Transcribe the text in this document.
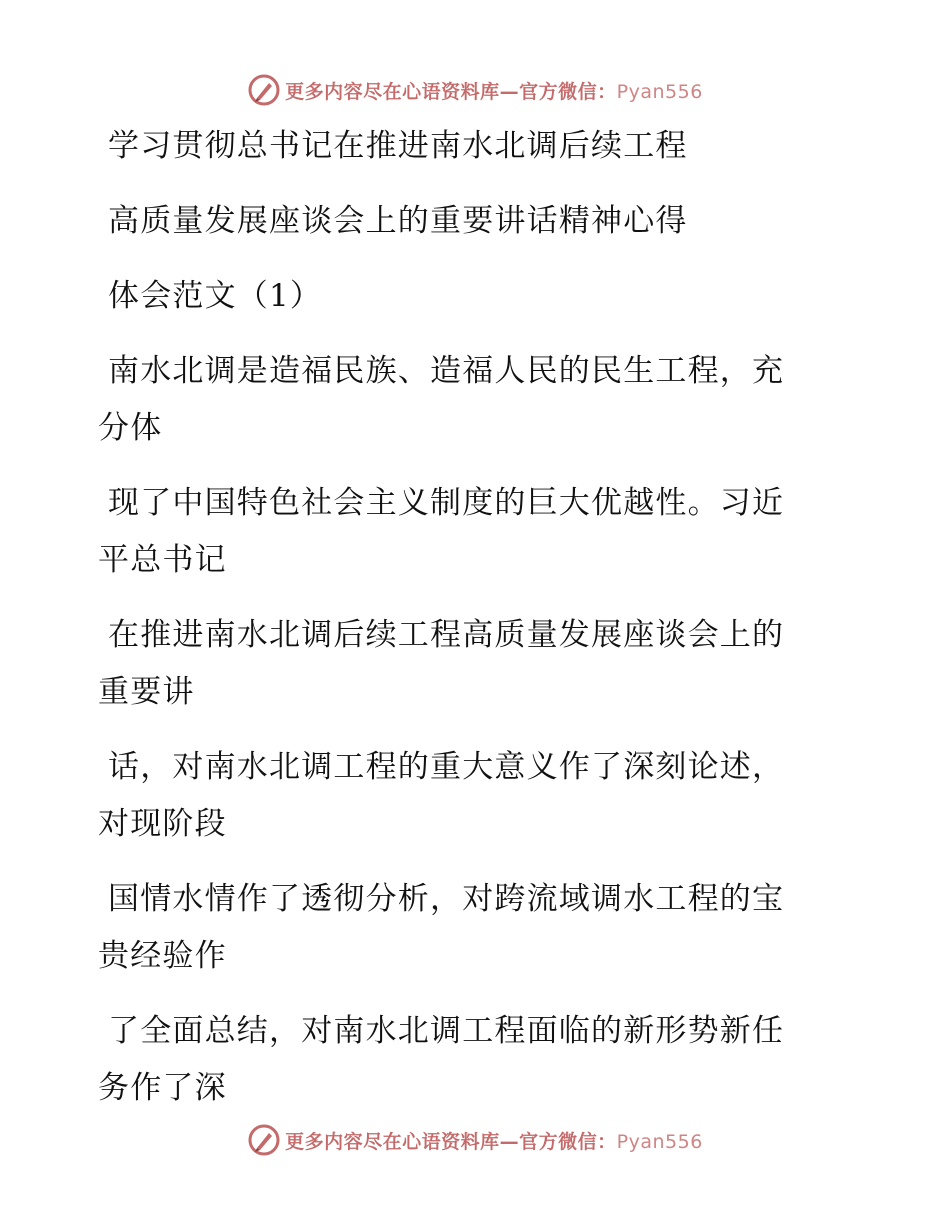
更多内容尽在心语资料库—官方微信：Pyan556
学习贯彻总书记在推进南水北调后续工程
高质量发展座谈会上的重要讲话精神心得
体会范文（1）
南水北调是造福民族、造福人民的民生工程，充
分体
现了中国特色社会主义制度的巨大优越性。习近
平总书记
在推进南水北调后续工程高质量发展座谈会上的
重要讲
话，对南水北调工程的重大意义作了深刻论述，
对现阶段
国情水情作了透彻分析，对跨流域调水工程的宝
贵经验作
了全面总结，对南水北调工程面临的新形势新任
务作了深
更多内容尽在心语资料库—官方微信：Pyan556
